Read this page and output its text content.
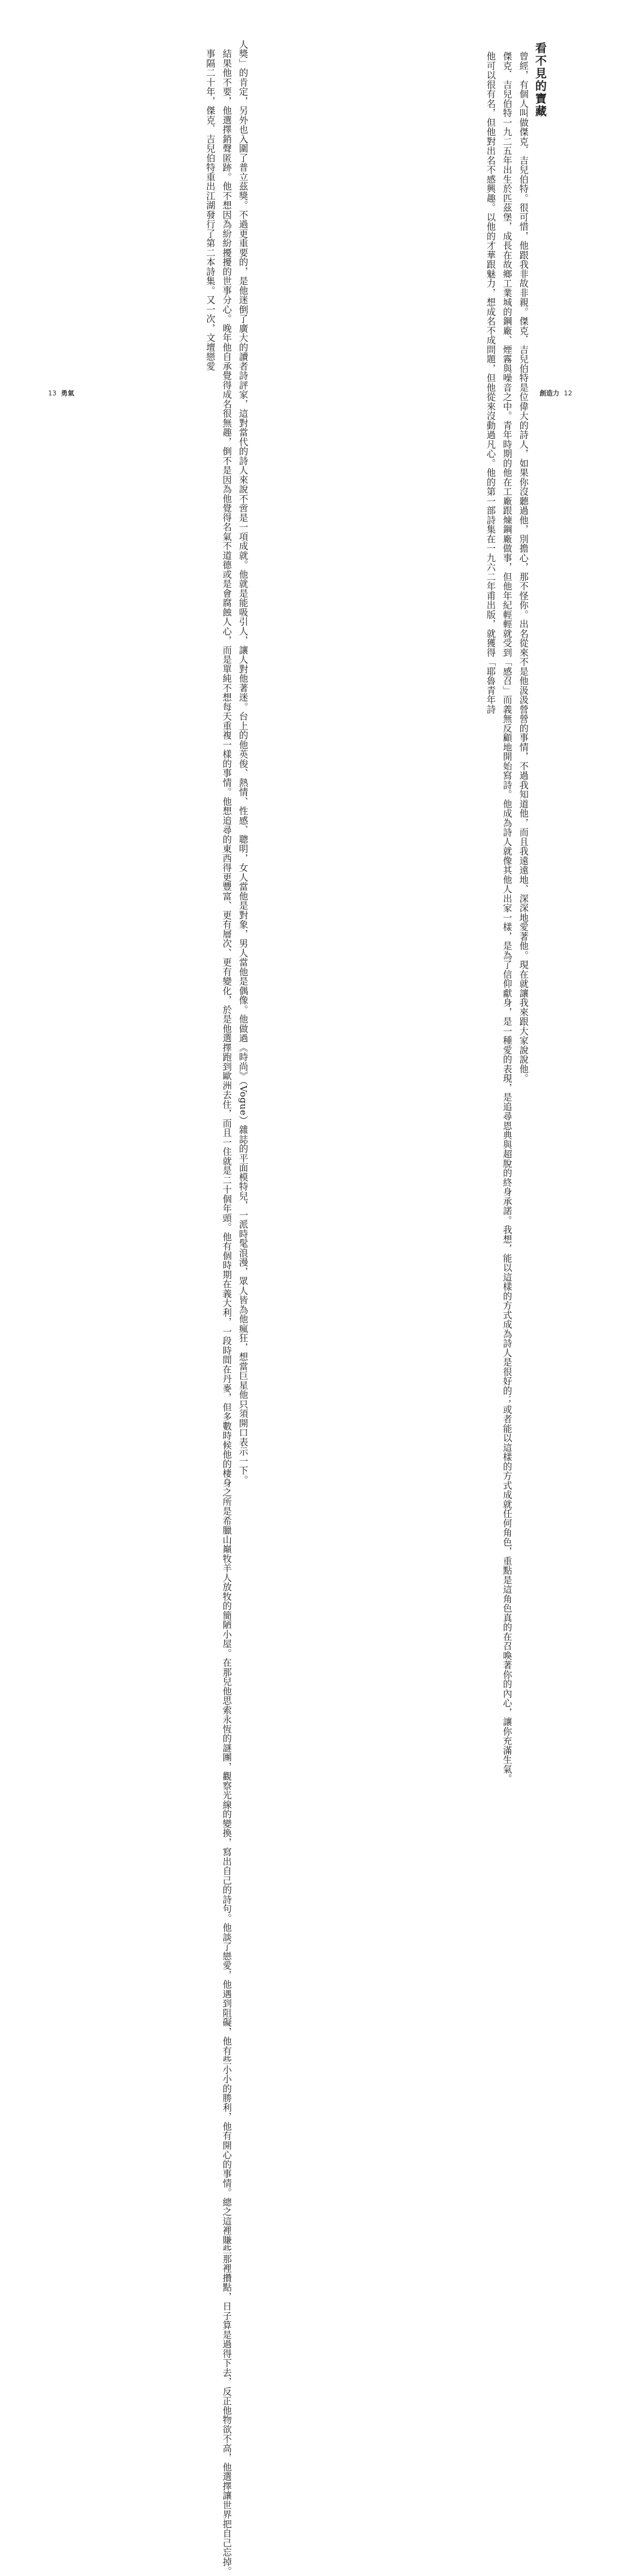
人獎」的肯定，另外也入圍了普立茲獎。不過更重要的，是他迷倒了廣大的讀者詩評家，這對當代的詩人來說不啻是一項成就。他就是能吸引人，讓人對他著迷。台上的他英俊、熱情、性感、聰明，女人當他是對象，男人當他是偶像。他做過《時尚》（Vogue）雜誌的平面模特兒，一派時髦浪漫，眾人皆為他瘋狂，想當巨星他只須開口表示一下。
　結果他不要，他選擇銷聲匿跡。他不想因為紛紛擾擾的世事分心。晚年他自承覺得成名很無趣，倒不是因為他覺得名氣不道德或是會腐蝕人心，而是單純不想每天重複一樣的事情。他想追尋的東西得更豐富、更有層次、更有變化，於是他選擇跑到歐洲去住，而且一住就是二十個年頭。他有個時期在義大利，一段時間在丹麥，但多數時候他的棲身之所是希臘山巔牧羊人放牧的簡陋小屋。在那兒他思索永恆的謎團，觀察光線的變換，寫出自己的詩句。他談了戀愛，他遇到阻礙，他有些小小的勝利，他有開心的事情。總之這裡賺些那裡攢點，日子算是過得下去，反正他物欲不高，他選擇讓世界把自己忘掉。
　事隔二十年，傑克．吉兒伯特重出江湖發行了第二本詩集。又一次，文壇戀愛
13 勇氣
看不見的寶藏
　曾經，有個人叫做傑克．吉兒伯特。很可惜，他跟我非故非親。傑克．吉兒伯特是位偉大的詩人，如果你沒聽過他，別擔心，那不怪你。出名從來不是他汲汲營營的事情，不過我知道他，而且我遠遠地、深深地愛著他。現在就讓我來跟大家說說他。
　傑克．吉兒伯特一九二五年出生於匹茲堡，成長在故鄉工業城的鋼廠、煙霧與噪音之中。青年時期的他在工廠跟煉鋼廠做事，但他年紀輕輕就受到「感召」而義無反顧地開始寫詩。他成為詩人就像其他人出家一樣，是為了信仰獻身，是一種愛的表現，是追尋恩典與超脫的終身承諾。我想，能以這樣的方式成為詩人是很好的；或者能以這樣的方式成就任何角色，重點是這角色真的在召喚著你的內心，讓你充滿生氣。
　他可以很有名，但他對出名不感興趣。以他的才華跟魅力，想成名不成問題，但他從來沒動過凡心。他的第一部詩集在一九六二年甫出版，就獲得「耶魯青年詩	創造力 12
